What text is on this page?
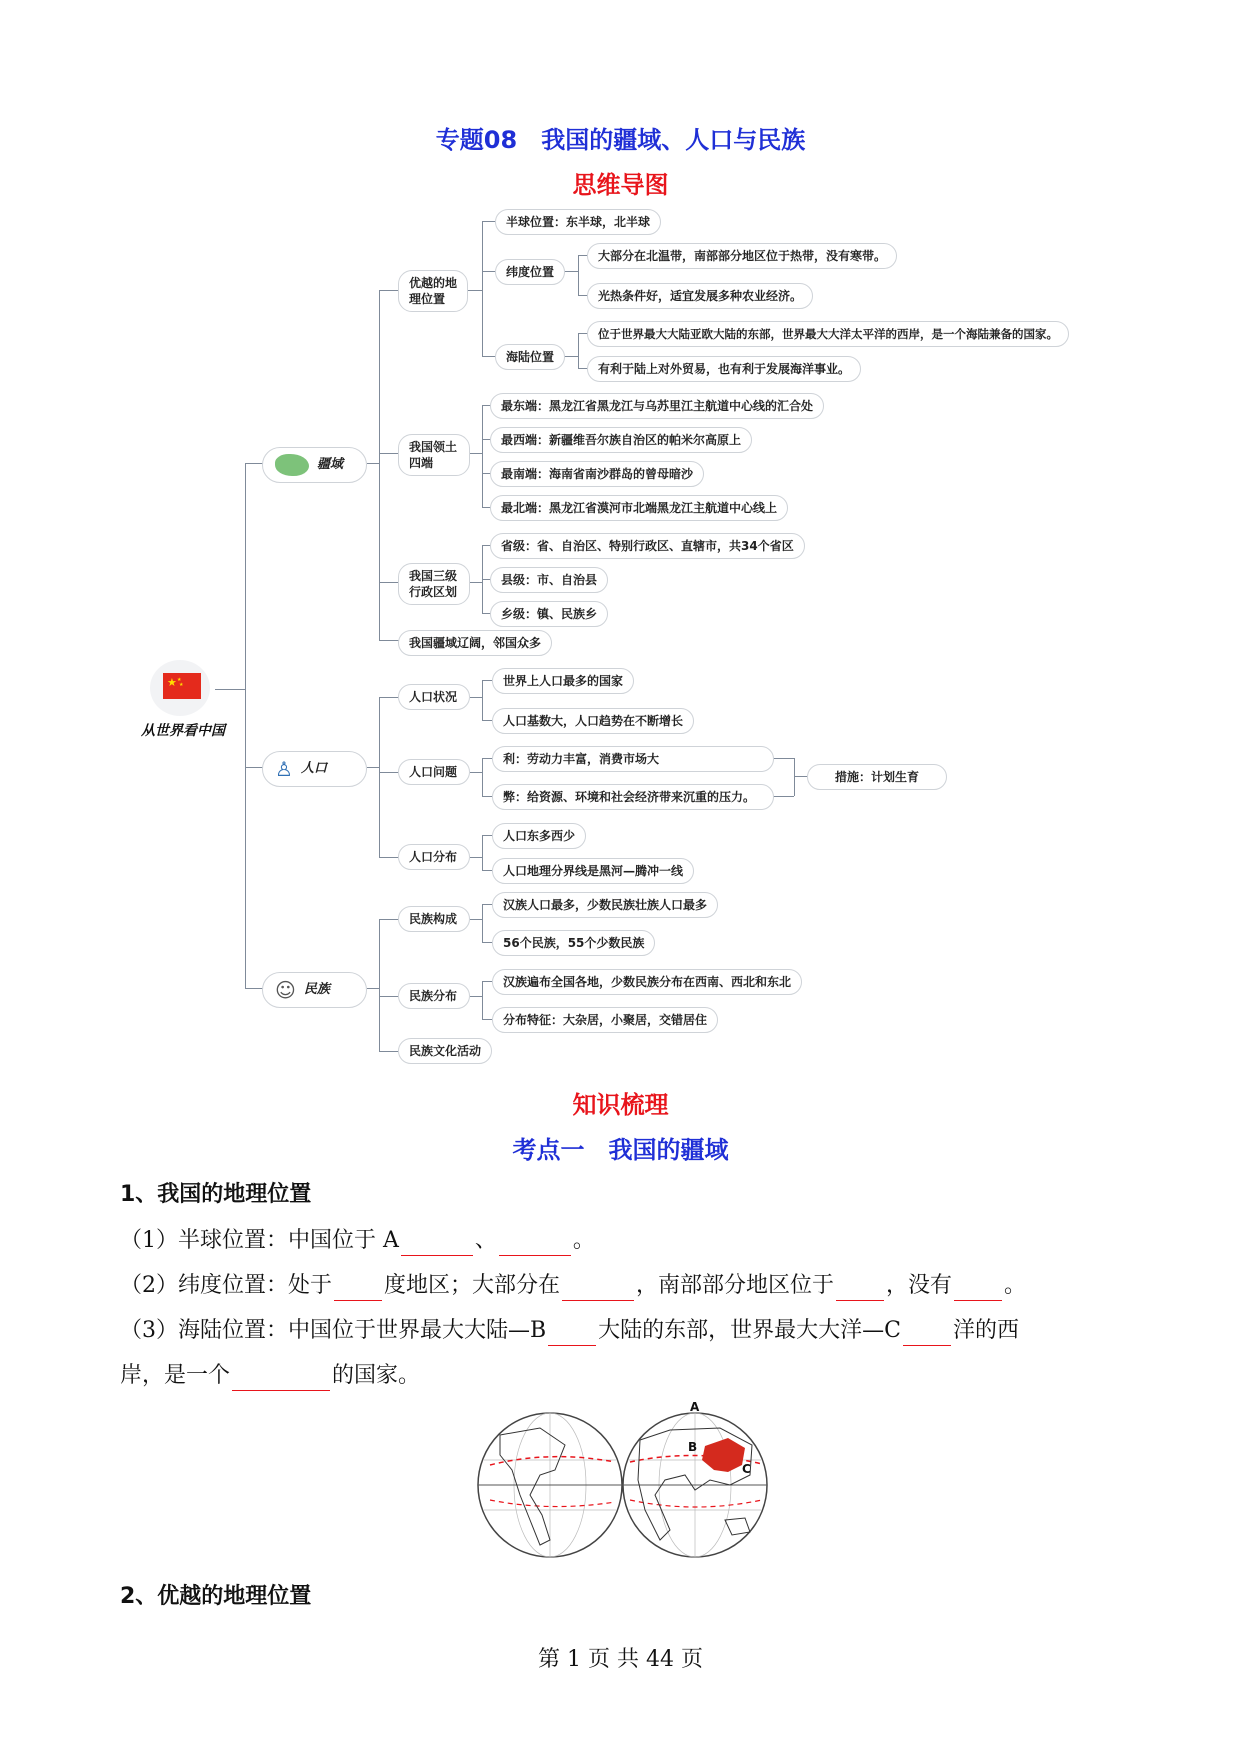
专题08　我国的疆域、人口与民族
思维导图
★ ★
★
从世界看中国
疆域
♙ 人口
☺ 民族
优越的地理位置
我国领土四端
我国三级行政区划
我国疆域辽阔，邻国众多
人口状况
人口问题
人口分布
民族构成
民族分布
民族文化活动
半球位置：东半球，北半球
纬度位置
大部分在北温带，南部部分地区位于热带，没有寒带。
光热条件好，适宜发展多种农业经济。
海陆位置
位于世界最大大陆亚欧大陆的东部，世界最大大洋太平洋的西岸，是一个海陆兼备的国家。
有利于陆上对外贸易，也有利于发展海洋事业。
最东端：黑龙江省黑龙江与乌苏里江主航道中心线的汇合处
最西端：新疆维吾尔族自治区的帕米尔高原上
最南端：海南省南沙群岛的曾母暗沙
最北端：黑龙江省漠河市北端黑龙江主航道中心线上
省级：省、自治区、特别行政区、直辖市，共34个省区
县级：市、自治县
乡级：镇、民族乡
世界上人口最多的国家
人口基数大，人口趋势在不断增长
利：劳动力丰富，消费市场大
弊：给资源、环境和社会经济带来沉重的压力。
措施：计划生育
人口东多西少
人口地理分界线是黑河—腾冲一线
汉族人口最多，少数民族壮族人口最多
56个民族，55个少数民族
汉族遍布全国各地，少数民族分布在西南、西北和东北
分布特征：大杂居，小聚居，交错居住
知识梳理
考点一　我国的疆域
1、我国的地理位置
（1）半球位置：中国位于 A	、	。
（2）纬度位置：处于 度地区；大部分在	，南部部分地区位于 ，没有 。
（3）海陆位置：中国位于世界最大大陆—B 大陆的东部，世界最大大洋—C 洋的西
岸，是一个	的国家。
A
B
C
2、优越的地理位置
第 1 页 共 44 页
